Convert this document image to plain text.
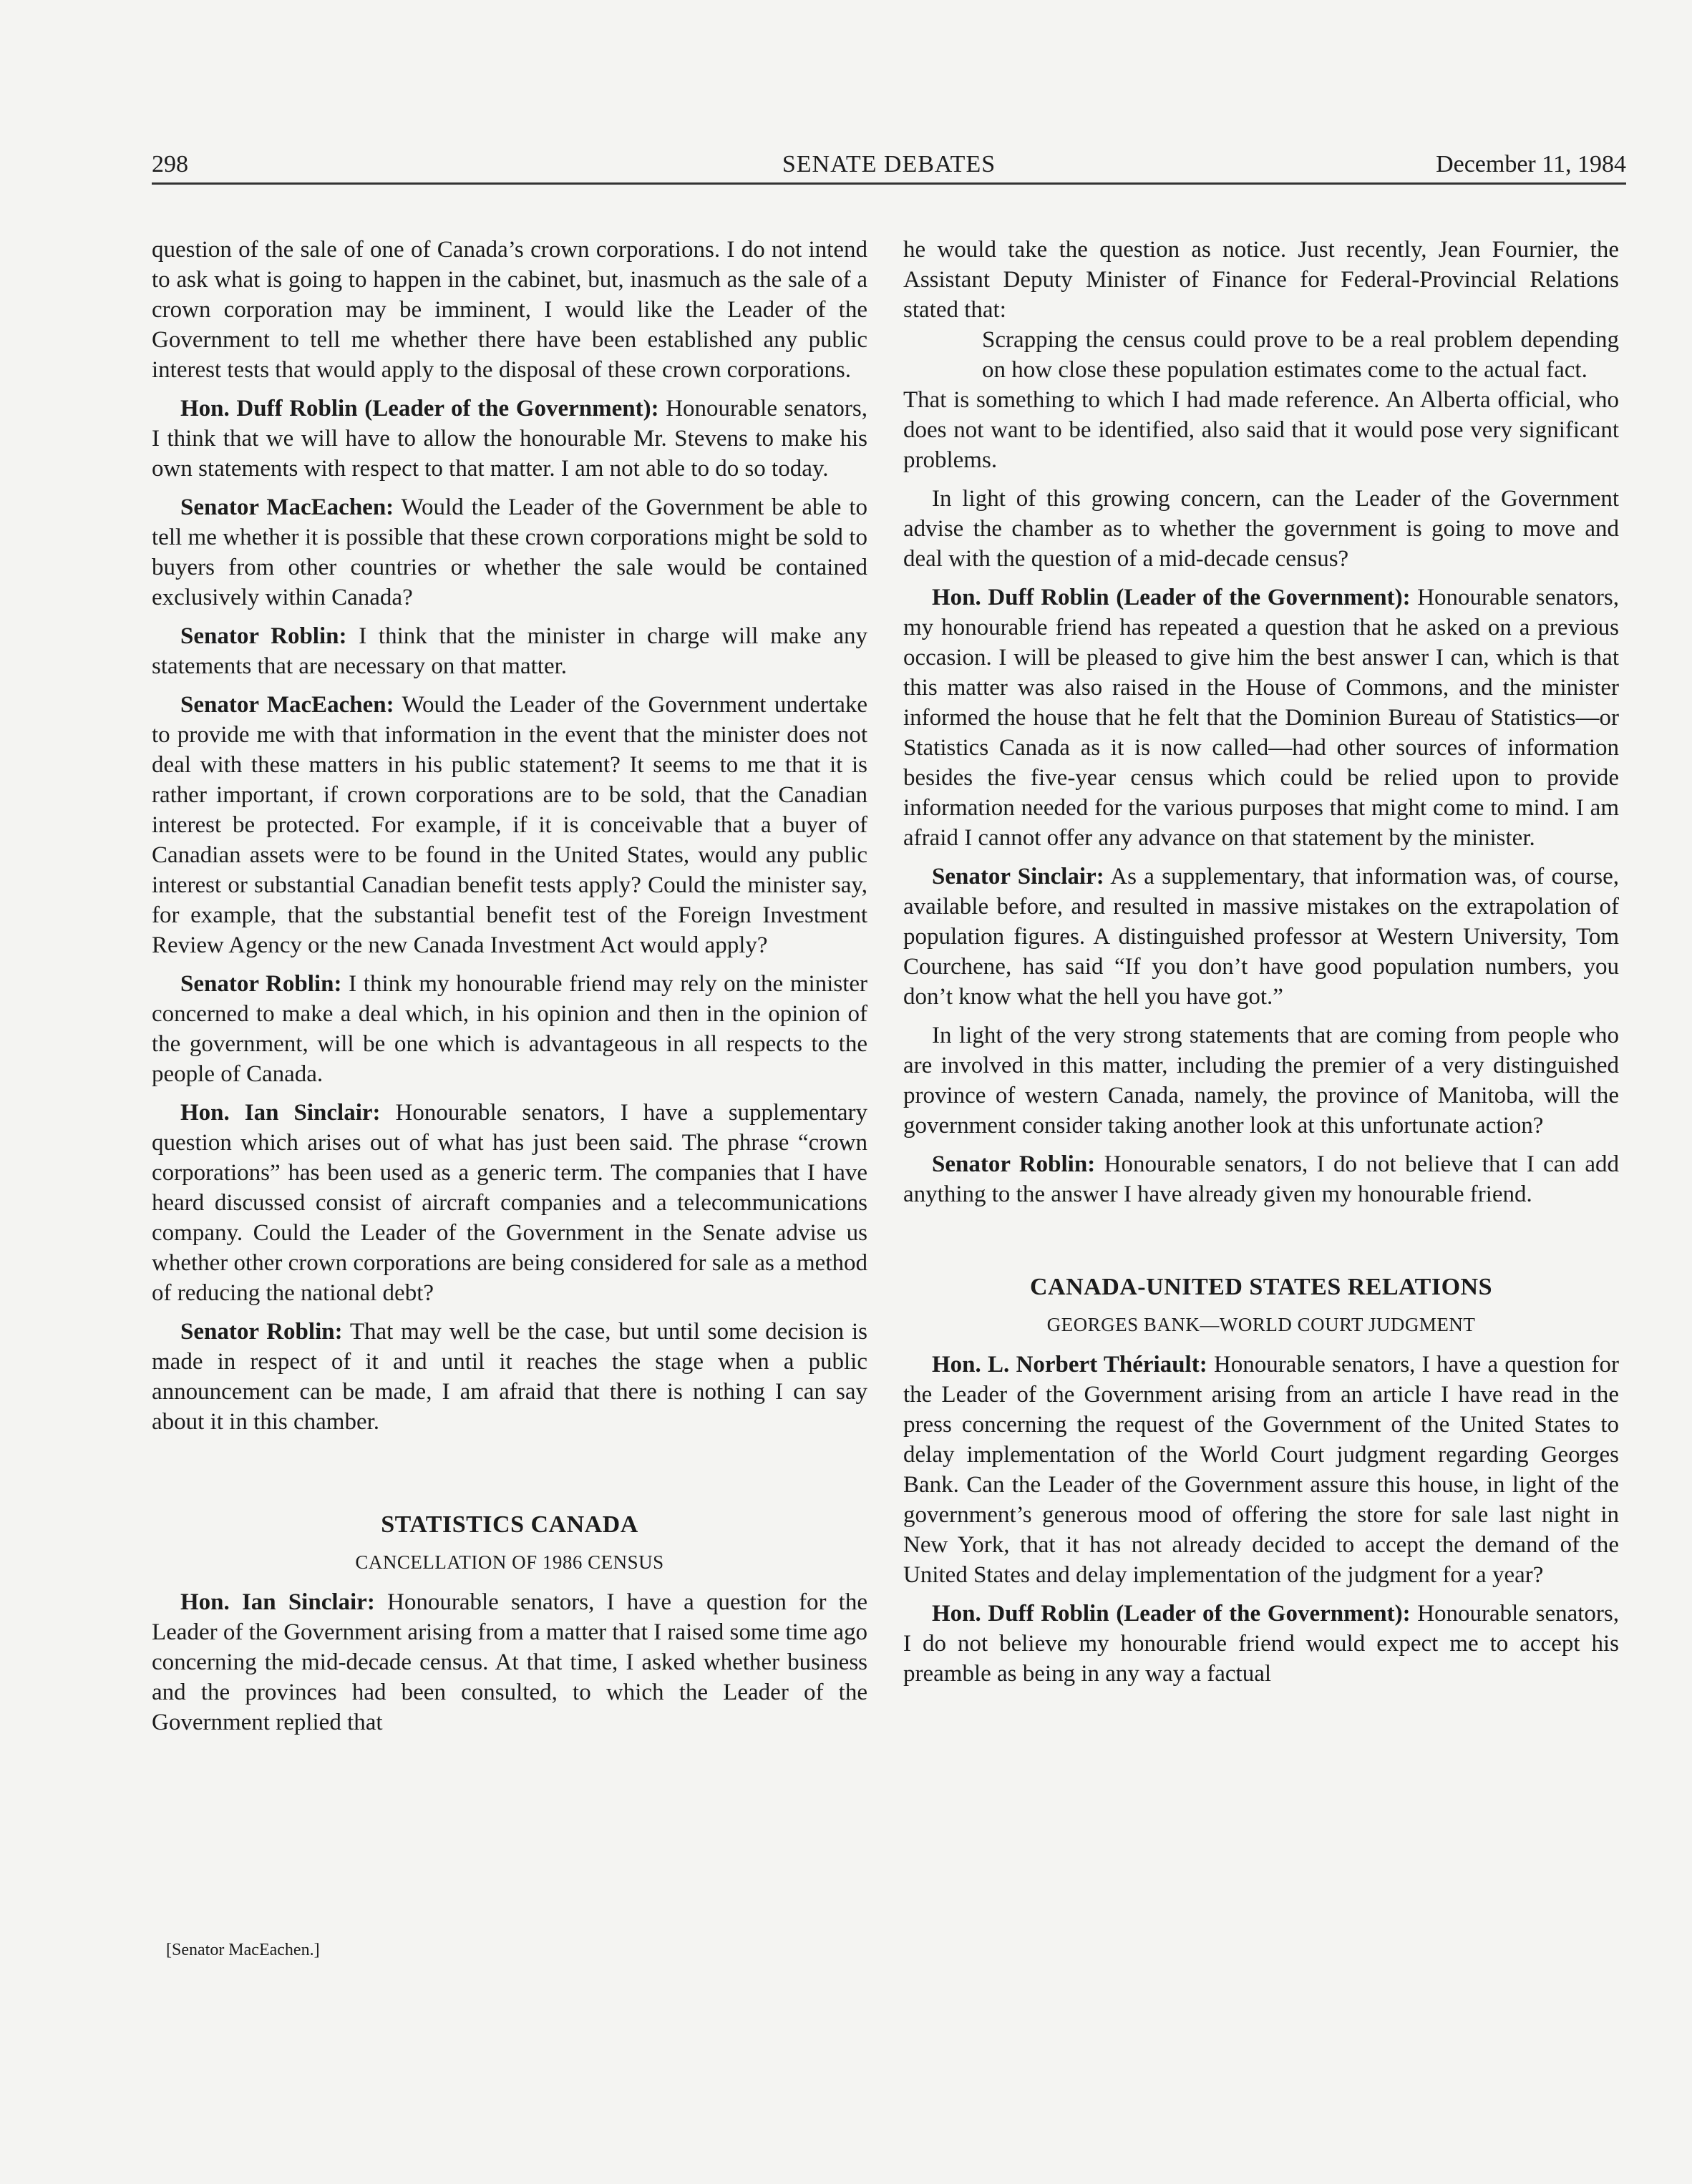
298	SENATE DEBATES	December 11, 1984

question of the sale of one of Canada’s crown corporations. I do not intend to ask what is going to happen in the cabinet, but, inasmuch as the sale of a crown corporation may be imminent, I would like the Leader of the Government to tell me whether there have been established any public interest tests that would apply to the disposal of these crown corporations.

Hon. Duff Roblin (Leader of the Government): Honourable senators, I think that we will have to allow the honourable Mr. Stevens to make his own statements with respect to that matter. I am not able to do so today.

Senator MacEachen: Would the Leader of the Government be able to tell me whether it is possible that these crown corporations might be sold to buyers from other countries or whether the sale would be contained exclusively within Canada?

Senator Roblin: I think that the minister in charge will make any statements that are necessary on that matter.

Senator MacEachen: Would the Leader of the Government undertake to provide me with that information in the event that the minister does not deal with these matters in his public statement? It seems to me that it is rather important, if crown corporations are to be sold, that the Canadian interest be protected. For example, if it is conceivable that a buyer of Canadian assets were to be found in the United States, would any public interest or substantial Canadian benefit tests apply? Could the minister say, for example, that the substantial benefit test of the Foreign Investment Review Agency or the new Canada Investment Act would apply?

Senator Roblin: I think my honourable friend may rely on the minister concerned to make a deal which, in his opinion and then in the opinion of the government, will be one which is advantageous in all respects to the people of Canada.

Hon. Ian Sinclair: Honourable senators, I have a supplementary question which arises out of what has just been said. The phrase “crown corporations” has been used as a generic term. The companies that I have heard discussed consist of aircraft companies and a telecommunications company. Could the Leader of the Government in the Senate advise us whether other crown corporations are being considered for sale as a method of reducing the national debt?

Senator Roblin: That may well be the case, but until some decision is made in respect of it and until it reaches the stage when a public announcement can be made, I am afraid that there is nothing I can say about it in this chamber.

STATISTICS CANADA
CANCELLATION OF 1986 CENSUS

Hon. Ian Sinclair: Honourable senators, I have a question for the Leader of the Government arising from a matter that I raised some time ago concerning the mid-decade census. At that time, I asked whether business and the provinces had been consulted, to which the Leader of the Government replied that

[Senator MacEachen.]

he would take the question as notice. Just recently, Jean Fournier, the Assistant Deputy Minister of Finance for Federal-Provincial Relations stated that:

Scrapping the census could prove to be a real problem depending on how close these population estimates come to the actual fact.

That is something to which I had made reference. An Alberta official, who does not want to be identified, also said that it would pose very significant problems.

In light of this growing concern, can the Leader of the Government advise the chamber as to whether the government is going to move and deal with the question of a mid-decade census?

Hon. Duff Roblin (Leader of the Government): Honourable senators, my honourable friend has repeated a question that he asked on a previous occasion. I will be pleased to give him the best answer I can, which is that this matter was also raised in the House of Commons, and the minister informed the house that he felt that the Dominion Bureau of Statistics—or Statistics Canada as it is now called—had other sources of information besides the five-year census which could be relied upon to provide information needed for the various purposes that might come to mind. I am afraid I cannot offer any advance on that statement by the minister.

Senator Sinclair: As a supplementary, that information was, of course, available before, and resulted in massive mistakes on the extrapolation of population figures. A distinguished professor at Western University, Tom Courchene, has said “If you don’t have good population numbers, you don’t know what the hell you have got.”

In light of the very strong statements that are coming from people who are involved in this matter, including the premier of a very distinguished province of western Canada, namely, the province of Manitoba, will the government consider taking another look at this unfortunate action?

Senator Roblin: Honourable senators, I do not believe that I can add anything to the answer I have already given my honourable friend.

CANADA-UNITED STATES RELATIONS
GEORGES BANK—WORLD COURT JUDGMENT

Hon. L. Norbert Thériault: Honourable senators, I have a question for the Leader of the Government arising from an article I have read in the press concerning the request of the Government of the United States to delay implementation of the World Court judgment regarding Georges Bank. Can the Leader of the Government assure this house, in light of the government’s generous mood of offering the store for sale last night in New York, that it has not already decided to accept the demand of the United States and delay implementation of the judgment for a year?

Hon. Duff Roblin (Leader of the Government): Honourable senators, I do not believe my honourable friend would expect me to accept his preamble as being in any way a factual
